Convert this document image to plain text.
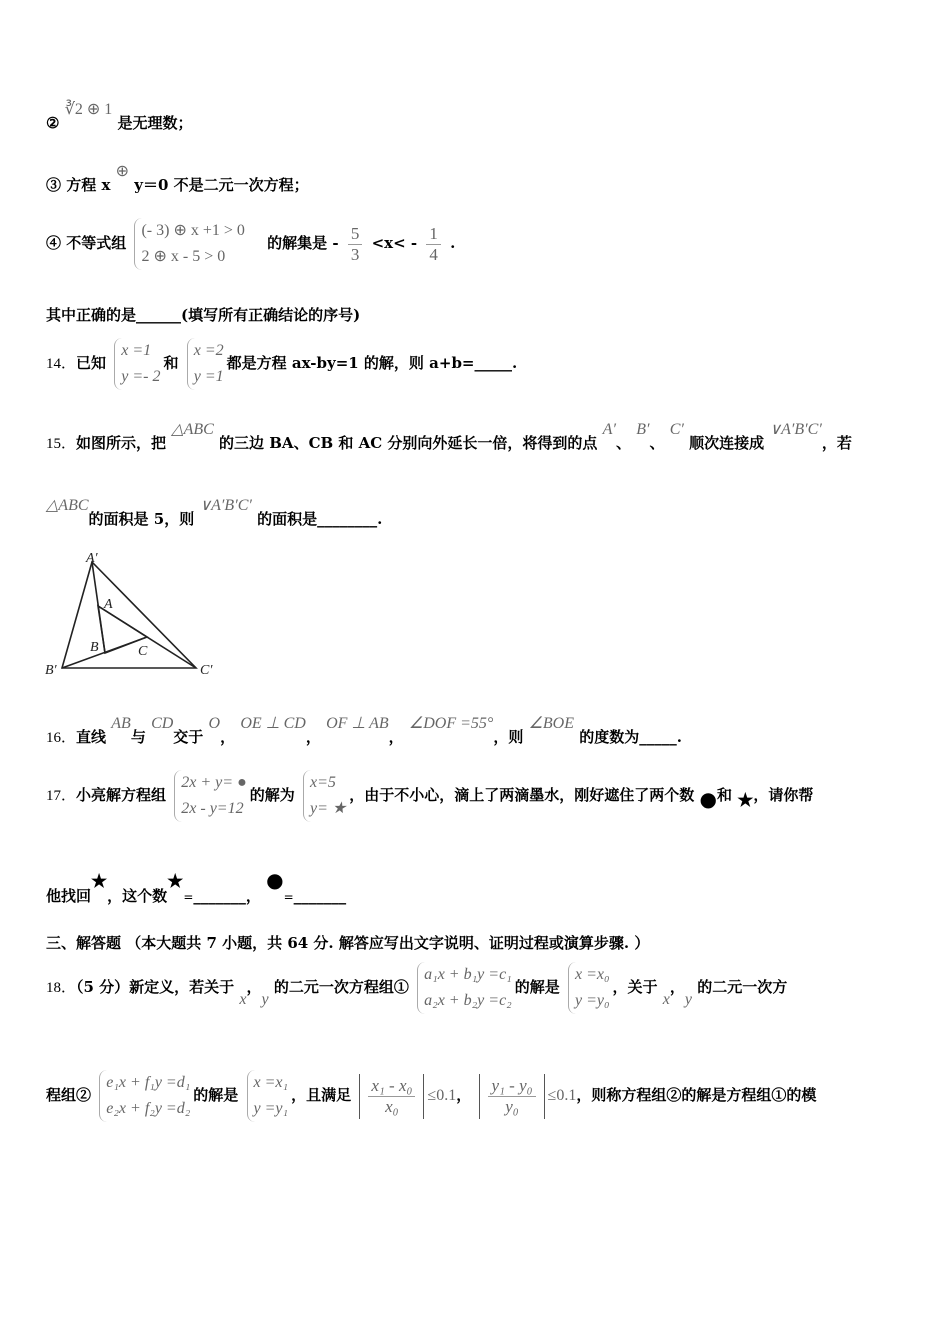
② ∛2 ⊕ 1 是无理数；
③ 方程 x ⊕ y＝0 不是二元一次方程；
④ 不等式组
(- 3) ⊕ x +1 > 0
2 ⊕ x - 5 > 0
的解集是 - $\frac{5}{3} <x< - \frac{1}{4}$ .
其中正确的是______(填写所有正确结论的序号)
14．已知
x =1
y =- 2
和
x =2
y =1
都是方程 ax-by=1 的解，则 a+b=_____.
15．如图所示，把 △ABC 的三边 BA、CB 和 AC 分别向外延长一倍，将得到的点 A′、 B′、 C′ 顺次连接成 ∨A′B′C′，若
△ABC的面积是 5，则 ∨A′B′C′ 的面积是________.
A′
A
B	C
B′	C′
16．直线 AB与 CD交于 O， OE ⊥ CD， OF ⊥ AB， ∠DOF =55°，则 ∠BOE 的度数为_____.
17．小亮解方程组
2x + y= ●
2x - y=12
的解为
x=5
y= ★
，由于不小心，滴上了两滴墨水，刚好遮住了两个数 ●和 ★，请你帮
他找回★，这个数★=_______， ●=_______
三、解答题 （本大题共 7 小题，共 64 分. 解答应写出文字说明、证明过程或演算步骤. ）
18．（5 分）新定义，若关于 x，y 的二元一次方程组①
a₁x + b₁y =c₁
a₂x + b₂y =c₂
的解是
x =x₀
y =y₀
，关于 x，y 的二元一次方
程组②
e₁x + f₁y =d₁
e₂x + f₂y =d₂
的解是
x =x₁
y =y₁
，且满足 $\frac{\text{x₁ - x₀}}{\text{x₀}} \le 0.1$， $\frac{\text{y₁ - y₀}}{\text{y₀}} \le 0.1$，则称方程组②的解是方程组①的模
